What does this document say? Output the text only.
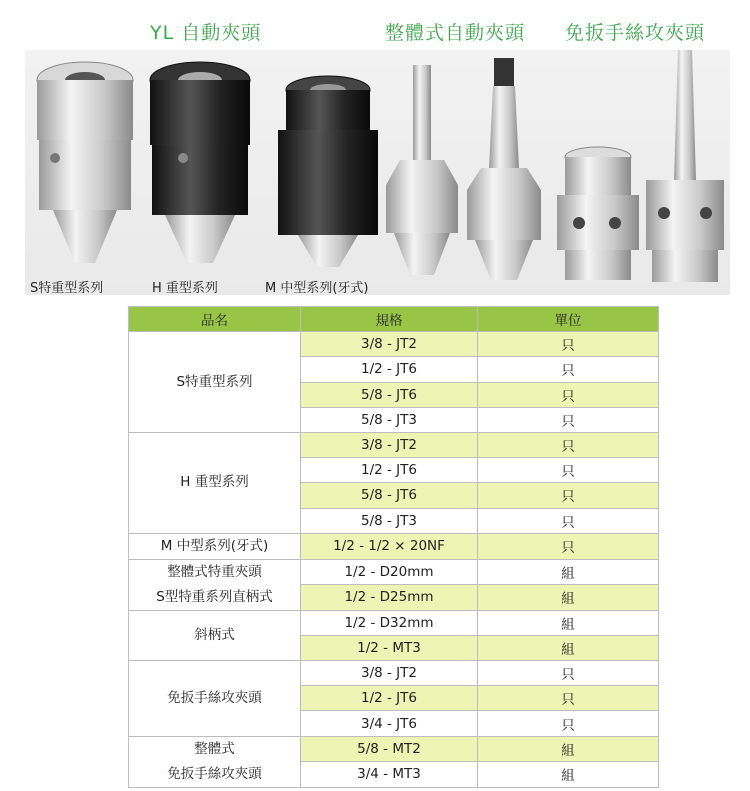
YL 自動夾頭	整體式自動夾頭 免扳手絲攻夾頭
S特重型系列	H 重型系列	M 中型系列(牙式)
品名	規格	單位

S特重型系列	3/8 - JT2	只
	1/2 - JT6	只
	5/8 - JT6	只
	5/8 - JT3	只

H 重型系列	3/8 - JT2	只
	1/2 - JT6	只
	5/8 - JT6	只
	5/8 - JT3	只

M 中型系列(牙式)	1/2 - 1/2 × 20NF	只

整體式特重夾頭
S型特重系列直柄式	1/2 - D20mm	組
	1/2 - D25mm	組

斜柄式	1/2 - D32mm	組
	1/2 - MT3	組

免扳手絲攻夾頭	3/8 - JT2	只
	1/2 - JT6	只
	3/4 - JT6	只

整體式
免扳手絲攻夾頭	5/8 - MT2	組
	3/4 - MT3	組
